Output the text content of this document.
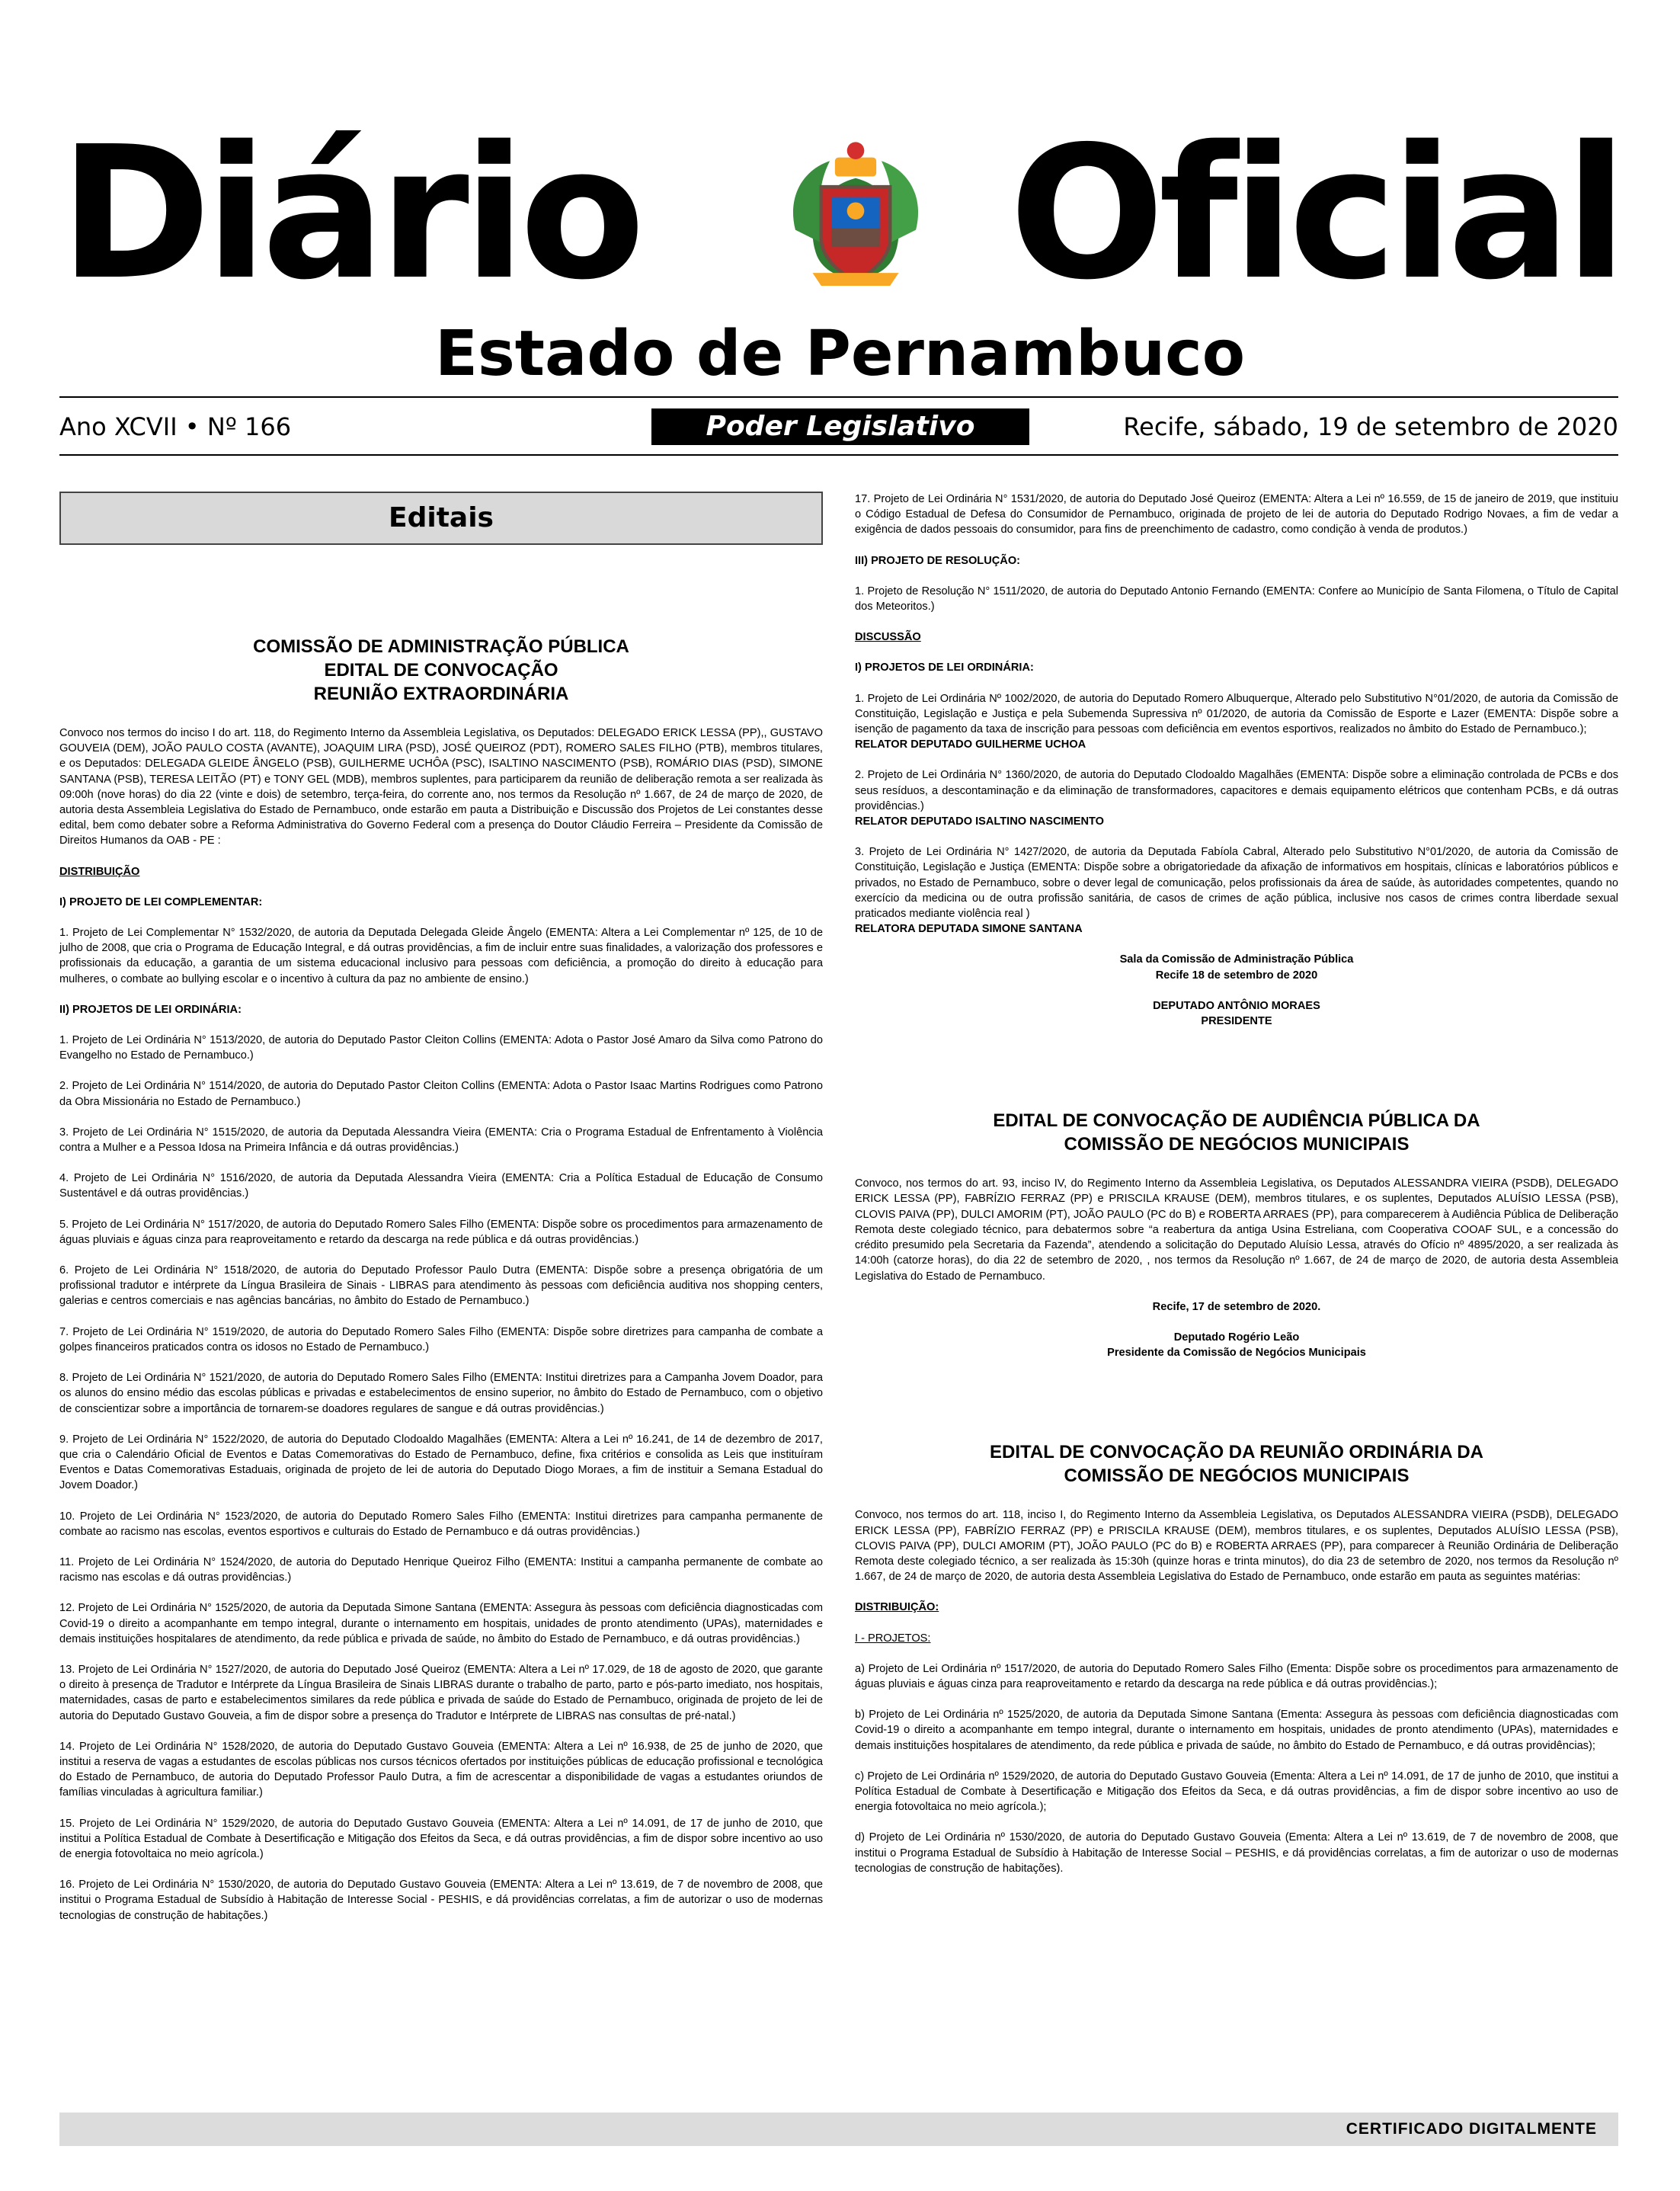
Diário Oficial
Estado de Pernambuco
Ano XCVII • Nº 166	Poder Legislativo	Recife, sábado, 19 de setembro de 2020
Editais
COMISSÃO DE ADMINISTRAÇÃO PÚBLICA
EDITAL DE CONVOCAÇÃO
REUNIÃO EXTRAORDINÁRIA

Convoco nos termos do inciso I do art. 118, do Regimento Interno da Assembleia Legislativa, os Deputados: DELEGADO ERICK LESSA (PP),, GUSTAVO GOUVEIA (DEM), JOÃO PAULO COSTA (AVANTE), JOAQUIM LIRA (PSD), JOSÉ QUEIROZ (PDT), ROMERO SALES FILHO (PTB), membros titulares, e os Deputados: DELEGADA GLEIDE ÂNGELO (PSB), GUILHERME UCHÔA (PSC), ISALTINO NASCIMENTO (PSB), ROMÁRIO DIAS (PSD), SIMONE SANTANA (PSB), TERESA LEITÃO (PT) e TONY GEL (MDB), membros suplentes, para participarem da reunião de deliberação remota a ser realizada às 09:00h (nove horas) do dia 22 (vinte e dois) de setembro, terça-feira, do corrente ano, nos termos da Resolução nº 1.667, de 24 de março de 2020, de autoria desta Assembleia Legislativa do Estado de Pernambuco, onde estarão em pauta a Distribuição e Discussão dos Projetos de Lei constantes desse edital, bem como debater sobre a Reforma Administrativa do Governo Federal com a presença do Doutor Cláudio Ferreira – Presidente da Comissão de Direitos Humanos da OAB - PE :

DISTRIBUIÇÃO

I) PROJETO DE LEI COMPLEMENTAR:

1. Projeto de Lei Complementar N° 1532/2020, de autoria da Deputada Delegada Gleide Ângelo (EMENTA: Altera a Lei Complementar nº 125, de 10 de julho de 2008, que cria o Programa de Educação Integral, e dá outras providências, a fim de incluir entre suas finalidades, a valorização dos professores e profissionais da educação, a garantia de um sistema educacional inclusivo para pessoas com deficiência, a promoção do direito à educação para mulheres, o combate ao bullying escolar e o incentivo à cultura da paz no ambiente de ensino.)

II) PROJETOS DE LEI ORDINÁRIA:

1. Projeto de Lei Ordinária N° 1513/2020, de autoria do Deputado Pastor Cleiton Collins (EMENTA: Adota o Pastor José Amaro da Silva como Patrono do Evangelho no Estado de Pernambuco.)

2. Projeto de Lei Ordinária N° 1514/2020, de autoria do Deputado Pastor Cleiton Collins (EMENTA: Adota o Pastor Isaac Martins Rodrigues como Patrono da Obra Missionária no Estado de Pernambuco.)

3. Projeto de Lei Ordinária N° 1515/2020, de autoria da Deputada Alessandra Vieira (EMENTA: Cria o Programa Estadual de Enfrentamento à Violência contra a Mulher e a Pessoa Idosa na Primeira Infância e dá outras providências.)

4. Projeto de Lei Ordinária N° 1516/2020, de autoria da Deputada Alessandra Vieira (EMENTA: Cria a Política Estadual de Educação de Consumo Sustentável e dá outras providências.)

5. Projeto de Lei Ordinária N° 1517/2020, de autoria do Deputado Romero Sales Filho (EMENTA: Dispõe sobre os procedimentos para armazenamento de águas pluviais e águas cinza para reaproveitamento e retardo da descarga na rede pública e dá outras providências.)

6. Projeto de Lei Ordinária N° 1518/2020, de autoria do Deputado Professor Paulo Dutra (EMENTA: Dispõe sobre a presença obrigatória de um profissional tradutor e intérprete da Língua Brasileira de Sinais - LIBRAS para atendimento às pessoas com deficiência auditiva nos shopping centers, galerias e centros comerciais e nas agências bancárias, no âmbito do Estado de Pernambuco.)

7. Projeto de Lei Ordinária N° 1519/2020, de autoria do Deputado Romero Sales Filho (EMENTA: Dispõe sobre diretrizes para campanha de combate a golpes financeiros praticados contra os idosos no Estado de Pernambuco.)

8. Projeto de Lei Ordinária N° 1521/2020, de autoria do Deputado Romero Sales Filho (EMENTA: Institui diretrizes para a Campanha Jovem Doador, para os alunos do ensino médio das escolas públicas e privadas e estabelecimentos de ensino superior, no âmbito do Estado de Pernambuco, com o objetivo de conscientizar sobre a importância de tornarem-se doadores regulares de sangue e dá outras providências.)

9. Projeto de Lei Ordinária N° 1522/2020, de autoria do Deputado Clodoaldo Magalhães (EMENTA: Altera a Lei nº 16.241, de 14 de dezembro de 2017, que cria o Calendário Oficial de Eventos e Datas Comemorativas do Estado de Pernambuco, define, fixa critérios e consolida as Leis que instituíram Eventos e Datas Comemorativas Estaduais, originada de projeto de lei de autoria do Deputado Diogo Moraes, a fim de instituir a Semana Estadual do Jovem Doador.)

10. Projeto de Lei Ordinária N° 1523/2020, de autoria do Deputado Romero Sales Filho (EMENTA: Institui diretrizes para campanha permanente de combate ao racismo nas escolas, eventos esportivos e culturais do Estado de Pernambuco e dá outras providências.)

11. Projeto de Lei Ordinária N° 1524/2020, de autoria do Deputado Henrique Queiroz Filho (EMENTA: Institui a campanha permanente de combate ao racismo nas escolas e dá outras providências.)

12. Projeto de Lei Ordinária N° 1525/2020, de autoria da Deputada Simone Santana (EMENTA: Assegura às pessoas com deficiência diagnosticadas com Covid-19 o direito a acompanhante em tempo integral, durante o internamento em hospitais, unidades de pronto atendimento (UPAs), maternidades e demais instituições hospitalares de atendimento, da rede pública e privada de saúde, no âmbito do Estado de Pernambuco, e dá outras providências.)

13. Projeto de Lei Ordinária N° 1527/2020, de autoria do Deputado José Queiroz (EMENTA: Altera a Lei nº 17.029, de 18 de agosto de 2020, que garante o direito à presença de Tradutor e Intérprete da Língua Brasileira de Sinais LIBRAS durante o trabalho de parto, parto e pós-parto imediato, nos hospitais, maternidades, casas de parto e estabelecimentos similares da rede pública e privada de saúde do Estado de Pernambuco, originada de projeto de lei de autoria do Deputado Gustavo Gouveia, a fim de dispor sobre a presença do Tradutor e Intérprete de LIBRAS nas consultas de pré-natal.)

14. Projeto de Lei Ordinária N° 1528/2020, de autoria do Deputado Gustavo Gouveia (EMENTA: Altera a Lei nº 16.938, de 25 de junho de 2020, que institui a reserva de vagas a estudantes de escolas públicas nos cursos técnicos ofertados por instituições públicas de educação profissional e tecnológica do Estado de Pernambuco, de autoria do Deputado Professor Paulo Dutra, a fim de acrescentar a disponibilidade de vagas a estudantes oriundos de famílias vinculadas à agricultura familiar.)

15. Projeto de Lei Ordinária N° 1529/2020, de autoria do Deputado Gustavo Gouveia (EMENTA: Altera a Lei nº 14.091, de 17 de junho de 2010, que institui a Política Estadual de Combate à Desertificação e Mitigação dos Efeitos da Seca, e dá outras providências, a fim de dispor sobre incentivo ao uso de energia fotovoltaica no meio agrícola.)

16. Projeto de Lei Ordinária N° 1530/2020, de autoria do Deputado Gustavo Gouveia (EMENTA: Altera a Lei nº 13.619, de 7 de novembro de 2008, que institui o Programa Estadual de Subsídio à Habitação de Interesse Social - PESHIS, e dá providências correlatas, a fim de autorizar o uso de modernas tecnologias de construção de habitações.)

17. Projeto de Lei Ordinária N° 1531/2020, de autoria do Deputado José Queiroz (EMENTA: Altera a Lei nº 16.559, de 15 de janeiro de 2019, que instituiu o Código Estadual de Defesa do Consumidor de Pernambuco, originada de projeto de lei de autoria do Deputado Rodrigo Novaes, a fim de vedar a exigência de dados pessoais do consumidor, para fins de preenchimento de cadastro, como condição à venda de produtos.)

III) PROJETO DE RESOLUÇÃO:

1. Projeto de Resolução N° 1511/2020, de autoria do Deputado Antonio Fernando (EMENTA: Confere ao Município de Santa Filomena, o Título de Capital dos Meteoritos.)

DISCUSSÃO

I) PROJETOS DE LEI ORDINÁRIA:

1. Projeto de Lei Ordinária Nº 1002/2020, de autoria do Deputado Romero Albuquerque, Alterado pelo Substitutivo N°01/2020, de autoria da Comissão de Constituição, Legislação e Justiça e pela Subemenda Supressiva nº 01/2020, de autoria da Comissão de Esporte e Lazer (EMENTA: Dispõe sobre a isenção de pagamento da taxa de inscrição para pessoas com deficiência em eventos esportivos, realizados no âmbito do Estado de Pernambuco.);

RELATOR DEPUTADO GUILHERME UCHOA

2. Projeto de Lei Ordinária N° 1360/2020, de autoria do Deputado Clodoaldo Magalhães (EMENTA: Dispõe sobre a eliminação controlada de PCBs e dos seus resíduos, a descontaminação e da eliminação de transformadores, capacitores e demais equipamento elétricos que contenham PCBs, e dá outras providências.)

RELATOR DEPUTADO ISALTINO NASCIMENTO

3. Projeto de Lei Ordinária N° 1427/2020, de autoria da Deputada Fabíola Cabral, Alterado pelo Substitutivo N°01/2020, de autoria da Comissão de Constituição, Legislação e Justiça (EMENTA: Dispõe sobre a obrigatoriedade da afixação de informativos em hospitais, clínicas e laboratórios públicos e privados, no Estado de Pernambuco, sobre o dever legal de comunicação, pelos profissionais da área de saúde, às autoridades competentes, quando no exercício da medicina ou de outra profissão sanitária, de casos de crimes de ação pública, inclusive nos casos de crimes contra liberdade sexual praticados mediante violência real )

RELATORA DEPUTADA SIMONE SANTANA

Sala da Comissão de Administração Pública

Recife 18 de setembro de 2020

DEPUTADO ANTÔNIO MORAES

PRESIDENTE

EDITAL DE CONVOCAÇÃO DE AUDIÊNCIA PÚBLICA DA
COMISSÃO DE NEGÓCIOS MUNICIPAIS

Convoco, nos termos do art. 93, inciso IV, do Regimento Interno da Assembleia Legislativa, os Deputados ALESSANDRA VIEIRA (PSDB), DELEGADO ERICK LESSA (PP), FABRÍZIO FERRAZ (PP) e PRISCILA KRAUSE (DEM), membros titulares, e os suplentes, Deputados ALUÍSIO LESSA (PSB), CLOVIS PAIVA (PP), DULCI AMORIM (PT), JOÃO PAULO (PC do B) e ROBERTA ARRAES (PP), para comparecerem à Audiência Pública de Deliberação Remota deste colegiado técnico, para debatermos sobre “a reabertura da antiga Usina Estreliana, com Cooperativa COOAF SUL, e a concessão do crédito presumido pela Secretaria da Fazenda”, atendendo a solicitação do Deputado Aluísio Lessa, através do Ofício nº 4895/2020, a ser realizada às 14:00h (catorze horas), do dia 22 de setembro de 2020, , nos termos da Resolução nº 1.667, de 24 de março de 2020, de autoria desta Assembleia Legislativa do Estado de Pernambuco.

Recife, 17 de setembro de 2020.

Deputado Rogério Leão

Presidente da Comissão de Negócios Municipais

EDITAL DE CONVOCAÇÃO DA REUNIÃO ORDINÁRIA DA
COMISSÃO DE NEGÓCIOS MUNICIPAIS

Convoco, nos termos do art. 118, inciso I, do Regimento Interno da Assembleia Legislativa, os Deputados ALESSANDRA VIEIRA (PSDB), DELEGADO ERICK LESSA (PP), FABRÍZIO FERRAZ (PP) e PRISCILA KRAUSE (DEM), membros titulares, e os suplentes, Deputados ALUÍSIO LESSA (PSB), CLOVIS PAIVA (PP), DULCI AMORIM (PT), JOÃO PAULO (PC do B) e ROBERTA ARRAES (PP), para comparecer à Reunião Ordinária de Deliberação Remota deste colegiado técnico, a ser realizada às 15:30h (quinze horas e trinta minutos), do dia 23 de setembro de 2020, nos termos da Resolução nº 1.667, de 24 de março de 2020, de autoria desta Assembleia Legislativa do Estado de Pernambuco, onde estarão em pauta as seguintes matérias:

DISTRIBUIÇÃO:

I - PROJETOS:

a) Projeto de Lei Ordinária nº 1517/2020, de autoria do Deputado Romero Sales Filho (Ementa: Dispõe sobre os procedimentos para armazenamento de águas pluviais e águas cinza para reaproveitamento e retardo da descarga na rede pública e dá outras providências.);

b) Projeto de Lei Ordinária nº 1525/2020, de autoria da Deputada Simone Santana (Ementa: Assegura às pessoas com deficiência diagnosticadas com Covid-19 o direito a acompanhante em tempo integral, durante o internamento em hospitais, unidades de pronto atendimento (UPAs), maternidades e demais instituições hospitalares de atendimento, da rede pública e privada de saúde, no âmbito do Estado de Pernambuco, e dá outras providências);

c) Projeto de Lei Ordinária nº 1529/2020, de autoria do Deputado Gustavo Gouveia (Ementa: Altera a Lei nº 14.091, de 17 de junho de 2010, que institui a Política Estadual de Combate à Desertificação e Mitigação dos Efeitos da Seca, e dá outras providências, a fim de dispor sobre incentivo ao uso de energia fotovoltaica no meio agrícola.);

d) Projeto de Lei Ordinária nº 1530/2020, de autoria do Deputado Gustavo Gouveia (Ementa: Altera a Lei nº 13.619, de 7 de novembro de 2008, que institui o Programa Estadual de Subsídio à Habitação de Interesse Social – PESHIS, e dá providências correlatas, a fim de autorizar o uso de modernas tecnologias de construção de habitações).

CERTIFICADO DIGITALMENTE
